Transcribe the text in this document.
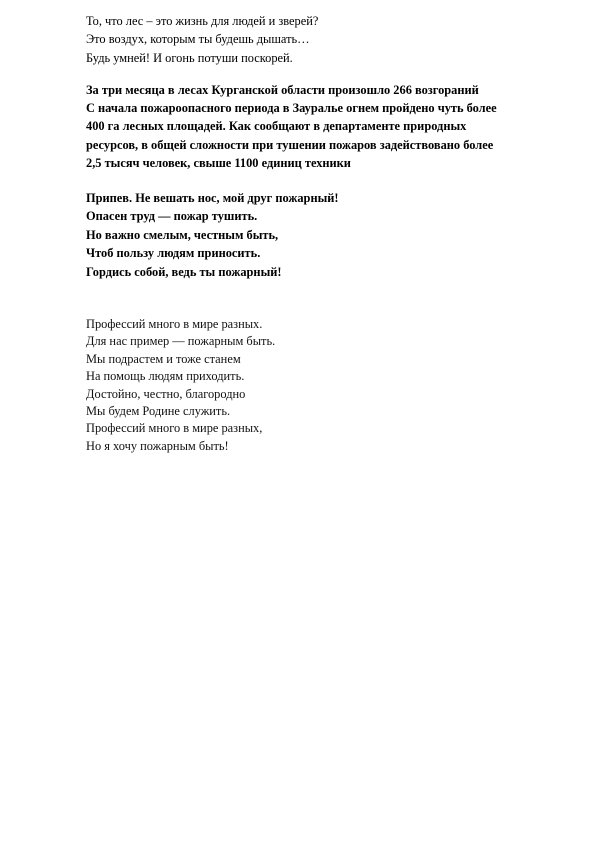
То, что лес – это жизнь для людей и зверей?
Это воздух, которым ты будешь дышать…
Будь умней! И огонь потуши поскорей.
За три месяца в лесах Курганской области произошло 266 возгораний
С начала пожароопасного периода в Зауралье огнем пройдено чуть более
400 га лесных площадей. Как сообщают в департаменте природных
ресурсов, в общей сложности при тушении пожаров задействовано более
2,5 тысяч человек, свыше 1100 единиц техники
Припев. Не вешать нос, мой друг пожарный!
Опасен труд — пожар тушить.
Но важно смелым, честным быть,
Чтоб пользу людям приносить.
Гордись собой, ведь ты пожарный!
Профессий много в мире разных.
Для нас пример — пожарным быть.
Мы подрастем и тоже станем
На помощь людям приходить.
Достойно, честно, благородно
Мы будем Родине служить.
Профессий много в мире разных,
Но я хочу пожарным быть!
